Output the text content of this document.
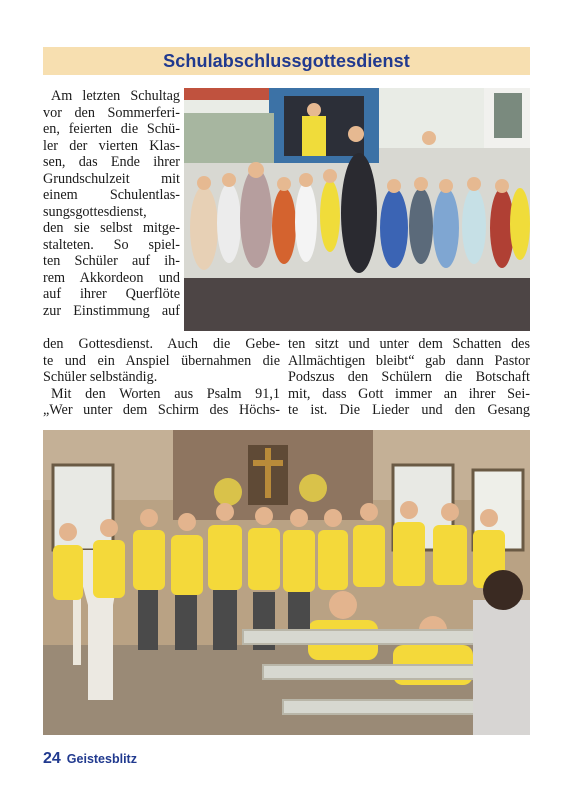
Schulabschlussgottesdienst
Am letzten Schultag
vor den Sommerferi-
en, feierten die Schü-
ler der vierten Klas-
sen, das Ende ihrer
Grundschulzeit mit
einem Schulentlas-
sungsgottesdienst,
den sie selbst mitge-
stalteten. So spiel-
ten Schüler auf ih-
rem Akkordeon und
auf ihrer Querflöte
zur Einstimmung auf
den Gottesdienst. Auch die Gebe-
te und ein Anspiel übernahmen die
Schüler selbständig.
Mit den Worten aus Psalm 91,1
„Wer unter dem Schirm des Höchs-
ten sitzt und unter dem Schatten des
Allmächtigen bleibt“ gab dann Pastor
Podszus den Schülern die Botschaft
mit, dass Gott immer an ihrer Sei-
te ist. Die Lieder und den Gesang
24 Geistesblitz
